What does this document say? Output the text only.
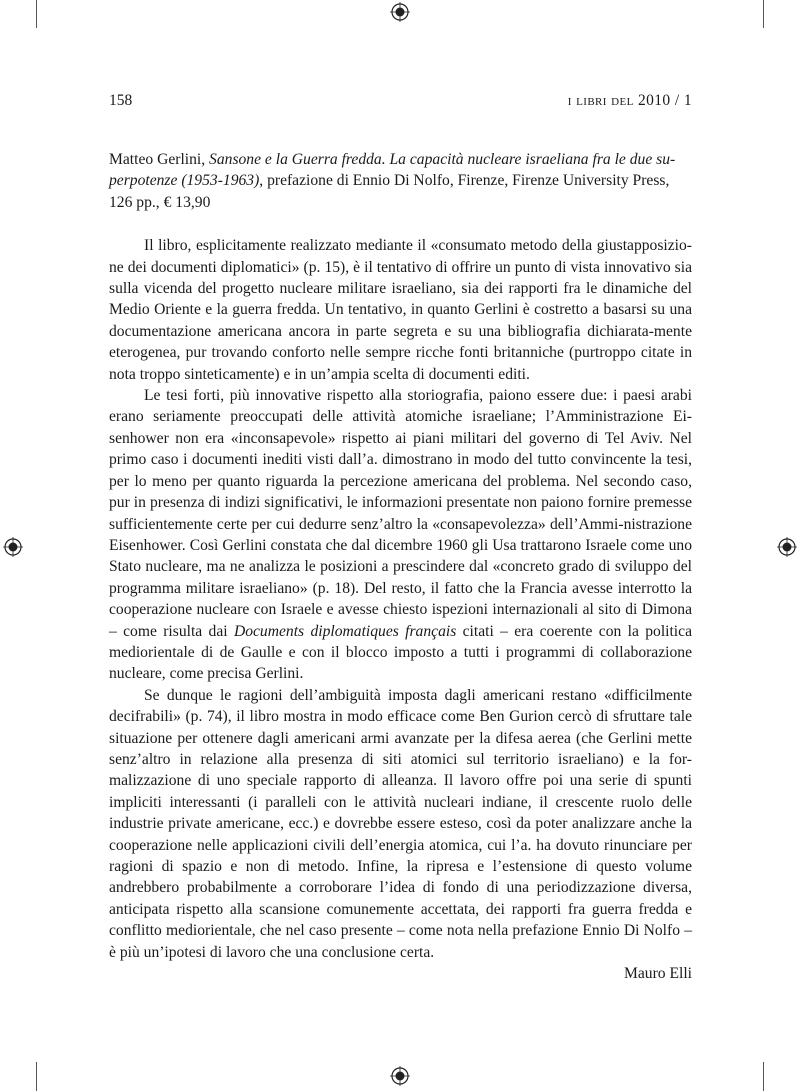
158	i libri del 2010 / 1
Matteo Gerlini, Sansone e la Guerra fredda. La capacità nucleare israeliana fra le due su-
perpotenze (1953-1963), prefazione di Ennio Di Nolfo, Firenze, Firenze University Press,
126 pp., € 13,90

Il libro, esplicitamente realizzato mediante il «consumato metodo della giustapposizio-ne dei documenti diplomatici» (p. 15), è il tentativo di offrire un punto di vista innovativo sia sulla vicenda del progetto nucleare militare israeliano, sia dei rapporti fra le dinamiche del Medio Oriente e la guerra fredda. Un tentativo, in quanto Gerlini è costretto a basarsi su una documentazione americana ancora in parte segreta e su una bibliografia dichiarata-mente eterogenea, pur trovando conforto nelle sempre ricche fonti britanniche (purtroppo citate in nota troppo sinteticamente) e in un’ampia scelta di documenti editi.

Le tesi forti, più innovative rispetto alla storiografia, paiono essere due: i paesi arabi erano seriamente preoccupati delle attività atomiche israeliane; l’Amministrazione Ei-senhower non era «inconsapevole» rispetto ai piani militari del governo di Tel Aviv. Nel primo caso i documenti inediti visti dall’a. dimostrano in modo del tutto convincente la tesi, per lo meno per quanto riguarda la percezione americana del problema. Nel secondo caso, pur in presenza di indizi significativi, le informazioni presentate non paiono fornire premesse sufficientemente certe per cui dedurre senz’altro la «consapevolezza» dell’Ammi-nistrazione Eisenhower. Così Gerlini constata che dal dicembre 1960 gli Usa trattarono Israele come uno Stato nucleare, ma ne analizza le posizioni a prescindere dal «concreto grado di sviluppo del programma militare israeliano» (p. 18). Del resto, il fatto che la Francia avesse interrotto la cooperazione nucleare con Israele e avesse chiesto ispezioni internazionali al sito di Dimona – come risulta dai Documents diplomatiques français citati – era coerente con la politica mediorientale di de Gaulle e con il blocco imposto a tutti i programmi di collaborazione nucleare, come precisa Gerlini.

Se dunque le ragioni dell’ambiguità imposta dagli americani restano «difficilmente decifrabili» (p. 74), il libro mostra in modo efficace come Ben Gurion cercò di sfruttare tale situazione per ottenere dagli americani armi avanzate per la difesa aerea (che Gerlini mette senz’altro in relazione alla presenza di siti atomici sul territorio israeliano) e la for-malizzazione di uno speciale rapporto di alleanza. Il lavoro offre poi una serie di spunti impliciti interessanti (i paralleli con le attività nucleari indiane, il crescente ruolo delle industrie private americane, ecc.) e dovrebbe essere esteso, così da poter analizzare anche la cooperazione nelle applicazioni civili dell’energia atomica, cui l’a. ha dovuto rinunciare per ragioni di spazio e non di metodo. Infine, la ripresa e l’estensione di questo volume andrebbero probabilmente a corroborare l’idea di fondo di una periodizzazione diversa, anticipata rispetto alla scansione comunemente accettata, dei rapporti fra guerra fredda e conflitto mediorientale, che nel caso presente – come nota nella prefazione Ennio Di Nolfo – è più un’ipotesi di lavoro che una conclusione certa.

Mauro Elli
